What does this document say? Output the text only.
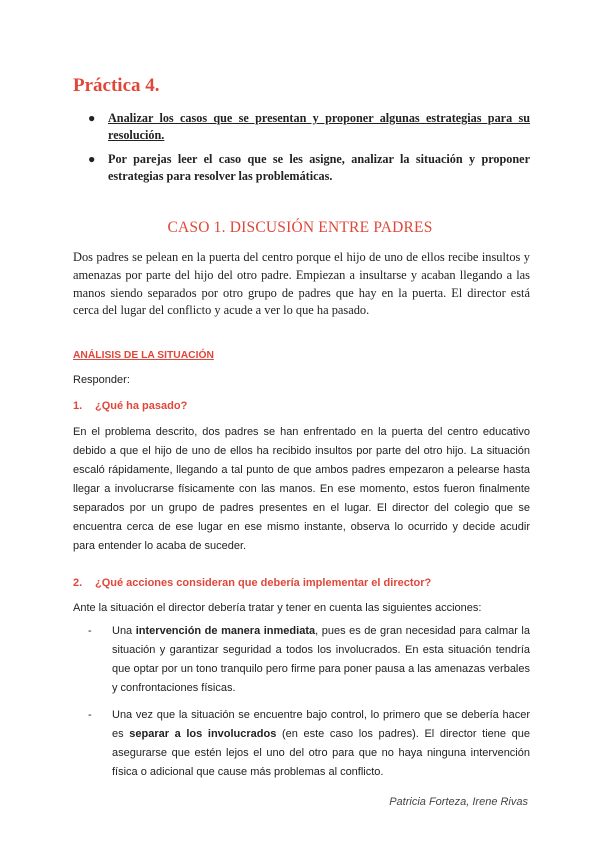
Práctica 4.
● Analizar los casos que se presentan y proponer algunas estrategias para su resolución.
● Por parejas leer el caso que se les asigne, analizar la situación y proponer estrategias para resolver las problemáticas.
CASO 1. DISCUSIÓN ENTRE PADRES
Dos padres se pelean en la puerta del centro porque el hijo de uno de ellos recibe insultos y amenazas por parte del hijo del otro padre. Empiezan a insultarse y acaban llegando a las manos siendo separados por otro grupo de padres que hay en la puerta. El director está cerca del lugar del conflicto y acude a ver lo que ha pasado.
ANÁLISIS DE LA SITUACIÓN
Responder:
1. ¿Qué ha pasado?
En el problema descrito, dos padres se han enfrentado en la puerta del centro educativo debido a que el hijo de uno de ellos ha recibido insultos por parte del otro hijo. La situación escaló rápidamente, llegando a tal punto de que ambos padres empezaron a pelearse hasta llegar a involucrarse físicamente con las manos. En ese momento, estos fueron finalmente separados por un grupo de padres presentes en el lugar. El director del colegio que se encuentra cerca de ese lugar en ese mismo instante, observa lo ocurrido y decide acudir para entender lo acaba de suceder.
2. ¿Qué acciones consideran que debería implementar el director?
Ante la situación el director debería tratar y tener en cuenta las siguientes acciones:
- Una intervención de manera inmediata, pues es de gran necesidad para calmar la situación y garantizar seguridad a todos los involucrados. En esta situación tendría que optar por un tono tranquilo pero firme para poner pausa a las amenazas verbales y confrontaciones físicas.
- Una vez que la situación se encuentre bajo control, lo primero que se debería hacer es separar a los involucrados (en este caso los padres). El director tiene que asegurarse que estén lejos el uno del otro para que no haya ninguna intervención física o adicional que cause más problemas al conflicto.
Patricia Forteza, Irene Rivas
